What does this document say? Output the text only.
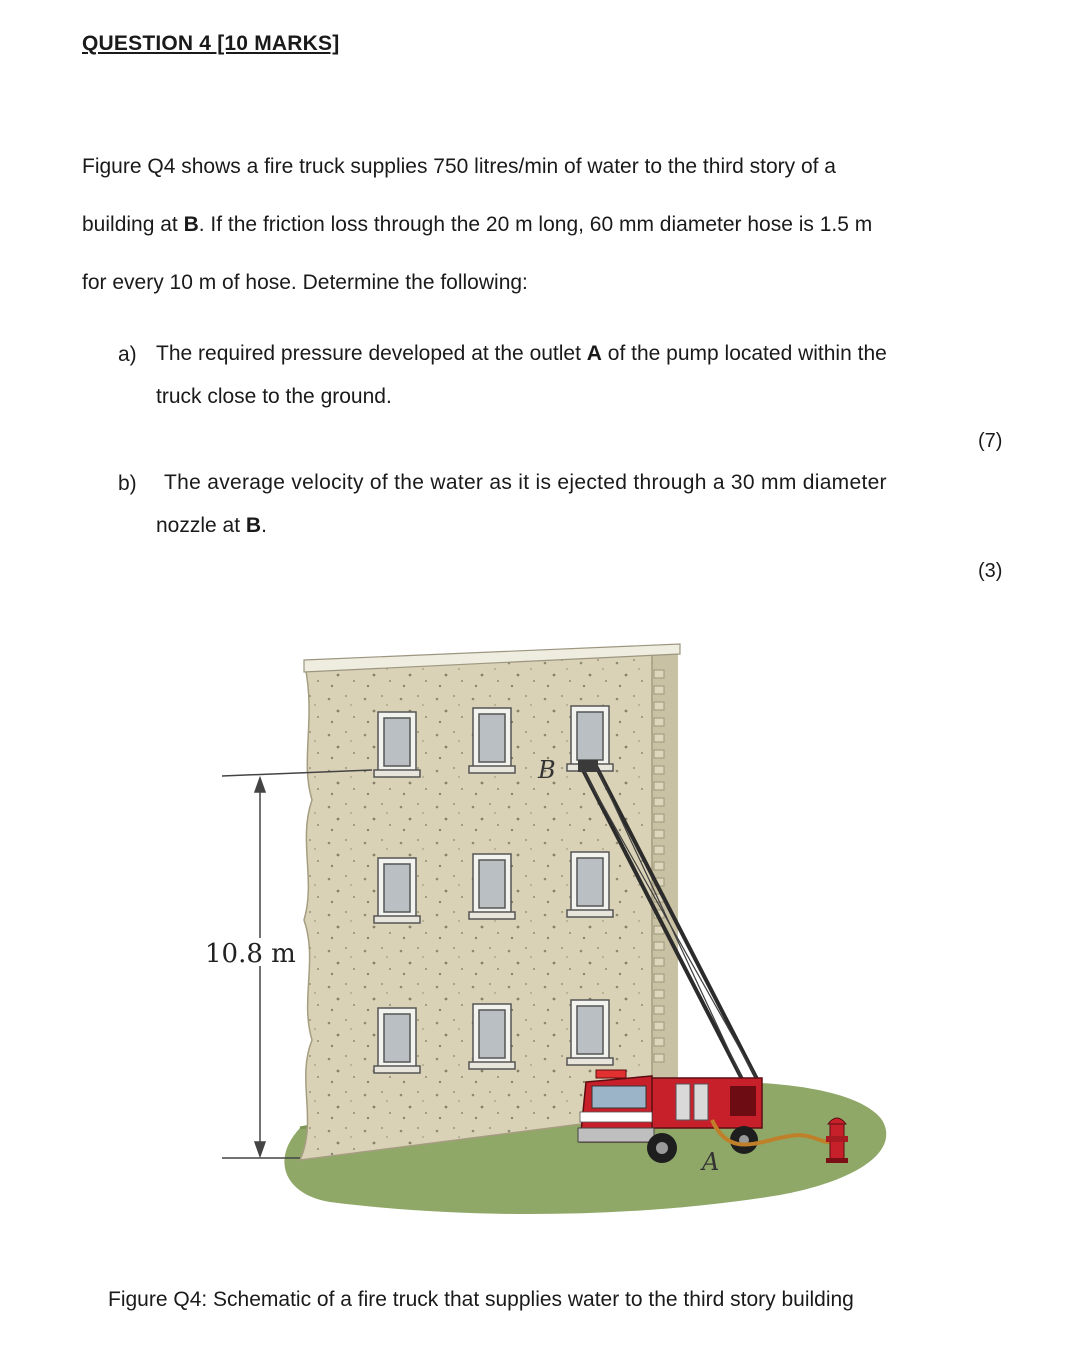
QUESTION 4 [10 MARKS]
Figure Q4 shows a fire truck supplies 750 litres/min of water to the third story of a
building at B. If the friction loss through the 20 m long, 60 mm diameter hose is 1.5 m
for every 10 m of hose. Determine the following:
a) The required pressure developed at the outlet A of the pump located within the
truck close to the ground.
(7)
b) The average velocity of the water as it is ejected through a 30 mm diameter
nozzle at B.
(3)
10.8 m
B
A
Figure Q4: Schematic of a fire truck that supplies water to the third story building
